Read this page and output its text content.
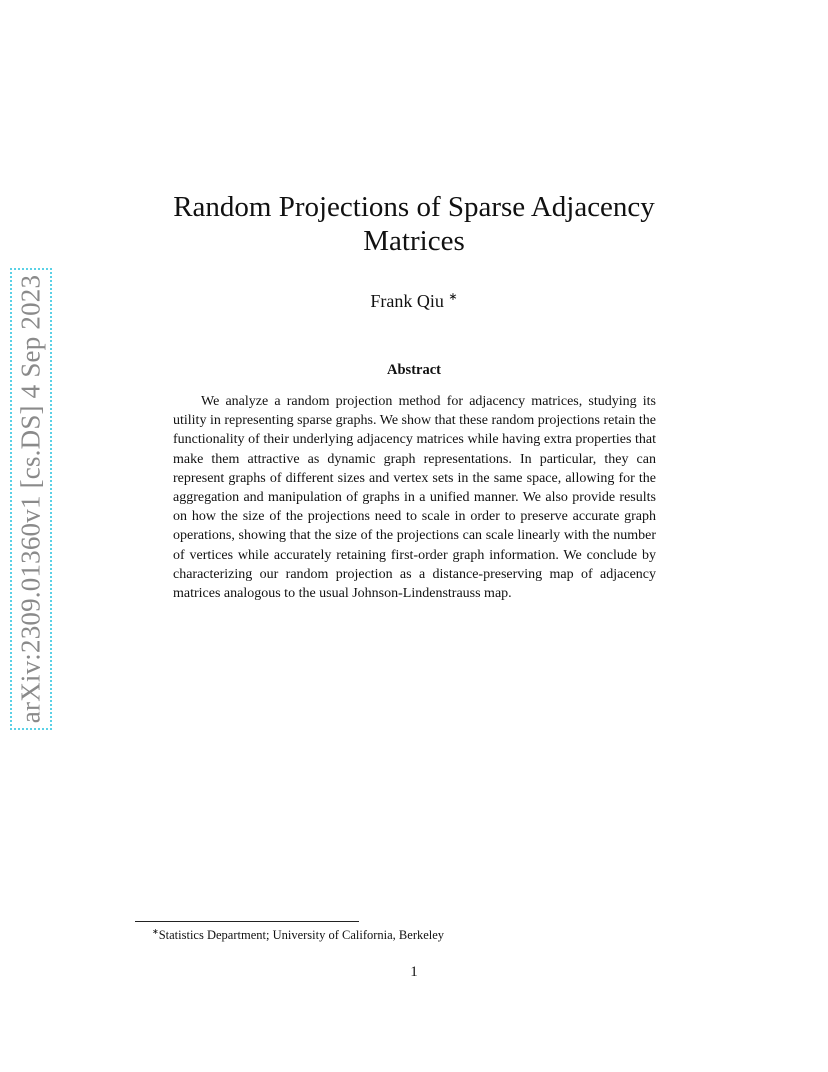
arXiv:2309.01360v1 [cs.DS] 4 Sep 2023
Random Projections of Sparse Adjacency Matrices
Frank Qiu ∗
Abstract

We analyze a random projection method for adjacency matrices, studying its utility in representing sparse graphs. We show that these random projections retain the functionality of their underlying adjacency matrices while having extra properties that make them attractive as dynamic graph representations. In particular, they can represent graphs of different sizes and vertex sets in the same space, allowing for the aggregation and manipulation of graphs in a unified manner. We also provide results on how the size of the projections need to scale in order to preserve accurate graph operations, showing that the size of the projections can scale linearly with the number of vertices while accurately retaining first-order graph information. We conclude by characterizing our random projection as a distance-preserving map of adjacency matrices analogous to the usual Johnson-Lindenstrauss map.

∗Statistics Department; University of California, Berkeley
1
